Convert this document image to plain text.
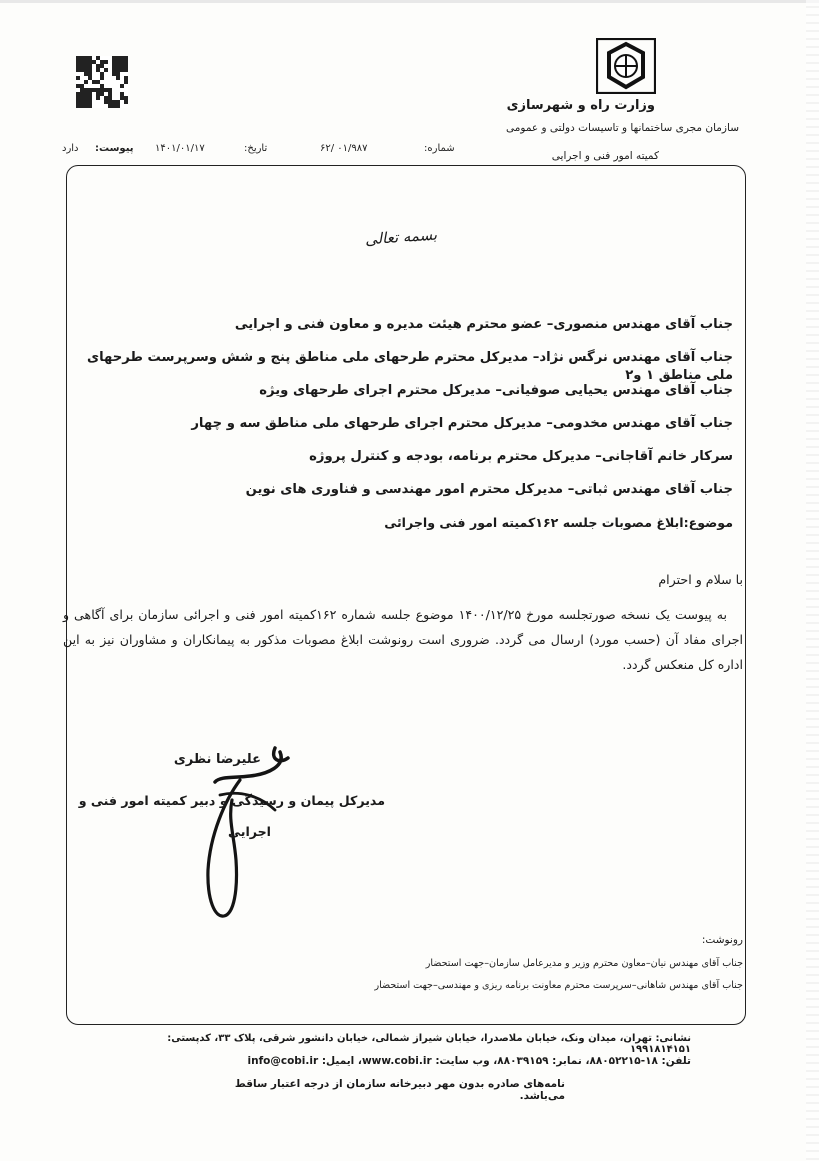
وزارت راه و شهرسازی
سازمان مجری ساختمانها و تاسیسات دولتی و عمومی
کمیته امور فنی و اجرایی
شماره:
۶۲/ ۰۱/۹۸۷
تاریخ:
۱۴۰۱/۰۱/۱۷
پیوست:
دارد
بسمه تعالی
جناب آقای مهندس منصوری– عضو محترم هیئت مدیره و معاون فنی و اجرایی
جناب آقای مهندس نرگس نژاد– مدیرکل محترم طرحهای ملی مناطق پنج و شش وسرپرست طرحهای ملی مناطق ۱ و۲
جناب آقای مهندس یحیایی صوفیانی– مدیرکل محترم اجرای طرحهای ویژه
جناب آقای مهندس مخدومی– مدیرکل محترم اجرای طرحهای ملی مناطق سه و چهار
سرکار خانم آقاجانی– مدیرکل محترم برنامه، بودجه و کنترل پروژه
جناب آقای مهندس ثباتی– مدیرکل محترم امور مهندسی و فناوری های نوین
موضوع:ابلاغ مصوبات جلسه ۱۶۲کمیته امور فنی واجرائی
با سلام و احترام
به پیوست یک نسخه صورتجلسه مورخ ۱۴۰۰/۱۲/۲۵ موضوع جلسه شماره ۱۶۲کمیته امور فنی و اجرائی سازمان برای آگاهی و اجرای مفاد آن (حسب مورد) ارسال می گردد. ضروری است رونوشت ابلاغ مصوبات مذکور به پیمانکاران و مشاوران نیز به این اداره کل منعکس گردد.
علیرضا نظری
مدیرکل پیمان و رسیدگی و دبیر کمیته امور فنی و
اجرایی
رونوشت:
جناب آقای مهندس نیان–معاون محترم وزیر و مدیرعامل سازمان–جهت استحضار
جناب آقای مهندس شاهانی–سرپرست محترم معاونت برنامه ریزی و مهندسی–جهت استحضار
نشانی: تهران، میدان ونک، خیابان ملاصدرا، خیابان شیراز شمالی، خیابان دانشور شرقی، پلاک ۳۳، کدپستی: ۱۹۹۱۸۱۴۱۵۱
تلفن: ۱۸-۸۸۰۵۲۲۱۵، نمابر: ۸۸۰۳۹۱۵۹، وب سایت: www.cobi.ir، ایمیل: info@cobi.ir
نامه‌های صادره بدون مهر دبیرخانه سازمان از درجه اعتبار ساقط می‌باشد.
